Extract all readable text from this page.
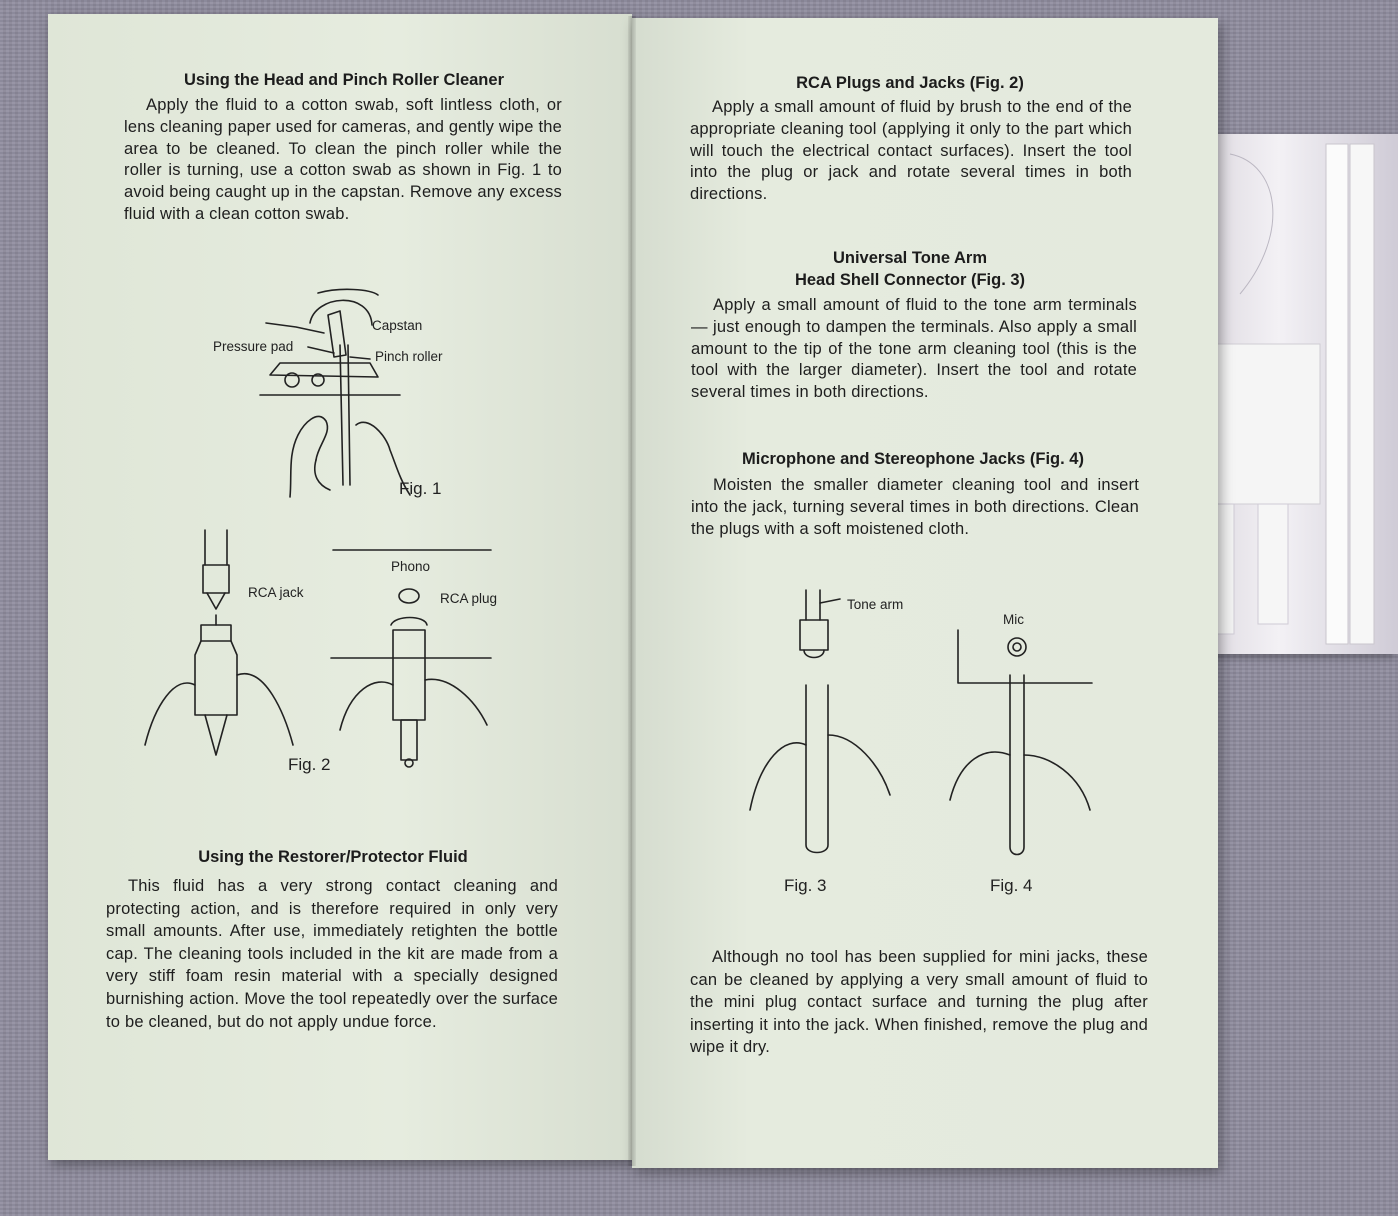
Using the Head and Pinch Roller Cleaner
Apply the fluid to a cotton swab, soft lintless cloth, or lens cleaning paper used for cameras, and gently wipe the area to be cleaned. To clean the pinch roller while the roller is turning, use a cotton swab as shown in Fig. 1 to avoid being caught up in the capstan. Remove any excess fluid with a clean cotton swab.
Capstan
Pressure pad
Pinch roller
Fig. 1
RCA jack
Phono
RCA plug
Fig. 2
Using the Restorer/Protector Fluid
This fluid has a very strong contact cleaning and protecting action, and is therefore required in only very small amounts. After use, immediately retighten the bottle cap. The cleaning tools included in the kit are made from a very stiff foam resin material with a specially designed burnishing action. Move the tool repeatedly over the surface to be cleaned, but do not apply undue force.
RCA Plugs and Jacks (Fig. 2)
Apply a small amount of fluid by brush to the end of the appropriate cleaning tool (applying it only to the part which will touch the electrical contact surfaces). Insert the tool into the plug or jack and rotate several times in both directions.
Universal Tone Arm
Head Shell Connector (Fig. 3)
Apply a small amount of fluid to the tone arm terminals — just enough to dampen the terminals. Also apply a small amount to the tip of the tone arm cleaning tool (this is the tool with the larger diameter). Insert the tool and rotate several times in both directions.
Microphone and Stereophone Jacks (Fig. 4)
Moisten the smaller diameter cleaning tool and insert into the jack, turning several times in both directions. Clean the plugs with a soft moistened cloth.
Tone arm
Mic
Fig. 3	Fig. 4
Although no tool has been supplied for mini jacks, these can be cleaned by applying a very small amount of fluid to the mini plug contact surface and turning the plug after inserting it into the jack. When finished, remove the plug and wipe it dry.
